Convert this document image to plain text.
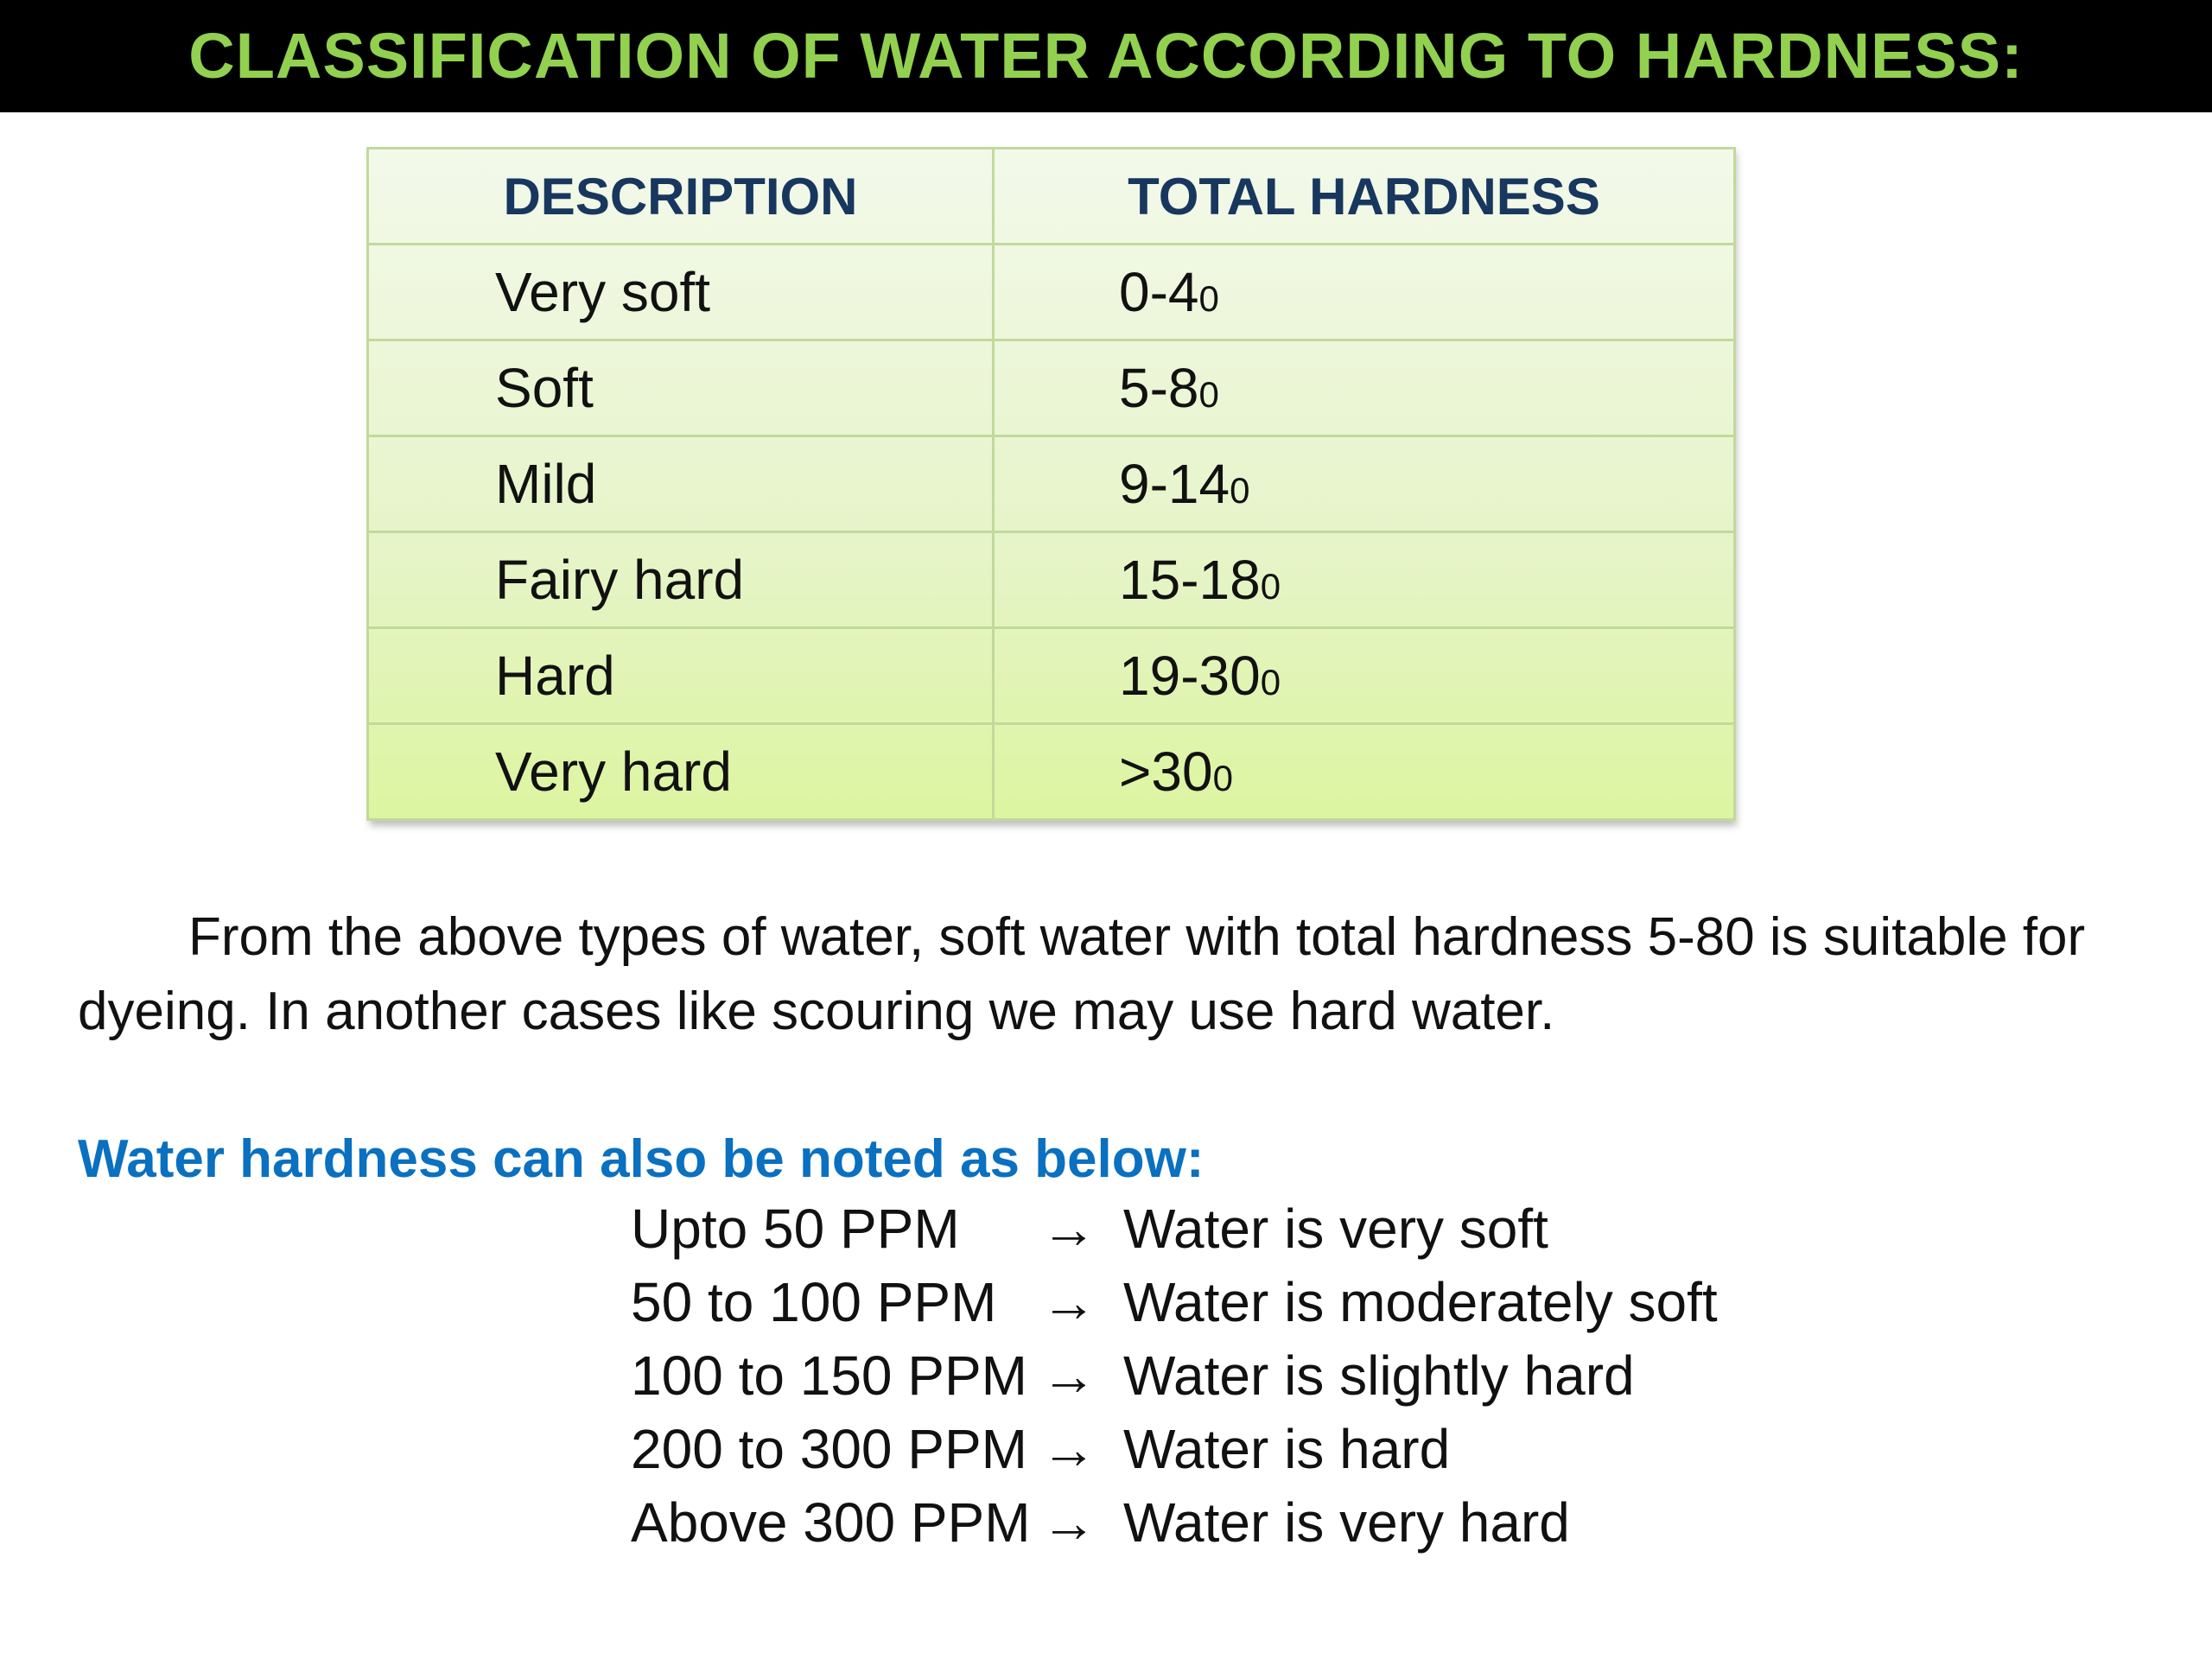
CLASSIFICATION OF WATER ACCORDING TO HARDNESS:
DESCRIPTION	TOTAL HARDNESS
Very soft	0-40
Soft	5-80
Mild	9-140
Fairy hard	15-180
Hard	19-300
Very hard	>300
From the above types of water, soft water with total hardness 5-80 is suitable for dyeing. In another cases like scouring we may use hard water.
Water hardness can also be noted as below:
Upto 50 PPM → Water is very soft
50 to 100 PPM → Water is moderately soft
100 to 150 PPM → Water is slightly hard
200 to 300 PPM → Water is hard
Above 300 PPM → Water is very hard
